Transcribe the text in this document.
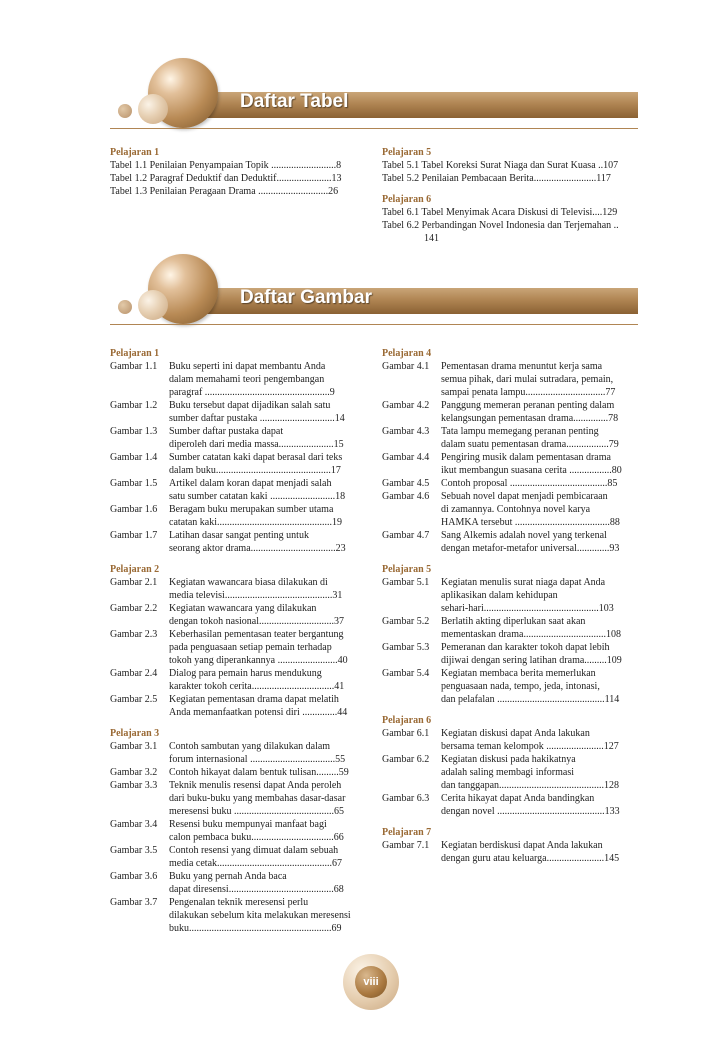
Daftar Tabel
Pelajaran 1
Tabel 1.1 Penilaian Penyampaian Topik ..........................8
Tabel 1.2 Paragraf Deduktif dan Deduktif......................13
Tabel 1.3 Penilaian Peragaan Drama ............................26
Pelajaran 5
Tabel 5.1 Tabel Koreksi Surat Niaga dan Surat Kuasa ..107
Tabel 5.2 Penilaian Pembacaan Berita.........................117
Pelajaran 6
Tabel 6.1 Tabel Menyimak Acara Diskusi di Televisi....129
Tabel 6.2 Perbandingan Novel Indonesia dan Terjemahan ..
141
Daftar Gambar
Pelajaran 1
Gambar 1.1	Buku seperti ini dapat membantu Anda
dalam memahami teori pengembangan
paragraf ..................................................9
Gambar 1.2	Buku tersebut dapat dijadikan salah satu
sumber daftar pustaka ..............................14
Gambar 1.3	Sumber daftar pustaka dapat
diperoleh dari media massa......................15
Gambar 1.4	Sumber catatan kaki dapat berasal dari teks
dalam buku..............................................17
Gambar 1.5	Artikel dalam koran dapat menjadi salah
satu sumber catatan kaki ..........................18
Gambar 1.6	Beragam buku merupakan sumber utama
catatan kaki..............................................19
Gambar 1.7	Latihan dasar sangat penting untuk
seorang aktor drama..................................23
Pelajaran 2
Gambar 2.1	Kegiatan wawancara biasa dilakukan di
media televisi...........................................31
Gambar 2.2	Kegiatan wawancara yang dilakukan
dengan tokoh nasional..............................37
Gambar 2.3	Keberhasilan pementasan teater bergantung
pada penguasaan setiap pemain terhadap
tokoh yang diperankannya ........................40
Gambar 2.4	Dialog para pemain harus mendukung
karakter tokoh cerita.................................41
Gambar 2.5	Kegiatan pementasan drama dapat melatih
Anda memanfaatkan potensi diri ..............44
Pelajaran 3
Gambar 3.1	Contoh sambutan yang dilakukan dalam
forum internasional ..................................55
Gambar 3.2	Contoh hikayat dalam bentuk tulisan.........59
Gambar 3.3	Teknik menulis resensi dapat Anda peroleh
dari buku-buku yang membahas dasar-dasar
meresensi buku ........................................65
Gambar 3.4	Resensi buku mempunyai manfaat bagi
calon pembaca buku.................................66
Gambar 3.5	Contoh resensi yang dimuat dalam sebuah
media cetak..............................................67
Gambar 3.6	Buku yang pernah Anda baca
dapat diresensi..........................................68
Gambar 3.7	Pengenalan teknik meresensi perlu
dilakukan sebelum kita melakukan meresensi
buku.........................................................69
Pelajaran 4
Gambar 4.1	Pementasan drama menuntut kerja sama
semua pihak, dari mulai sutradara, pemain,
sampai penata lampu................................77
Gambar 4.2	Panggung memeran peranan penting dalam
kelangsungan pementasan drama..............78
Gambar 4.3	Tata lampu memegang peranan penting
dalam suatu pementasan drama.................79
Gambar 4.4	Pengiring musik dalam pementasan drama
ikut membangun suasana cerita .................80
Gambar 4.5	Contoh proposal .......................................85
Gambar 4.6	Sebuah novel dapat menjadi pembicaraan
di zamannya. Contohnya novel karya
HAMKA tersebut ......................................88
Gambar 4.7	Sang Alkemis adalah novel yang terkenal
dengan metafor-metafor universal.............93
Pelajaran 5
Gambar 5.1	Kegiatan menulis surat niaga dapat Anda
aplikasikan dalam kehidupan
sehari-hari..............................................103
Gambar 5.2	Berlatih akting diperlukan saat akan
mementaskan drama.................................108
Gambar 5.3	Pemeranan dan karakter tokoh dapat lebih
dijiwai dengan sering latihan drama.........109
Gambar 5.4	Kegiatan membaca berita memerlukan
penguasaan nada, tempo, jeda, intonasi,
dan pelafalan ...........................................114
Pelajaran 6
Gambar 6.1	Kegiatan diskusi dapat Anda lakukan
bersama teman kelompok .......................127
Gambar 6.2	Kegiatan diskusi pada hakikatnya
adalah saling membagi informasi
dan tanggapan..........................................128
Gambar 6.3	Cerita hikayat dapat Anda bandingkan
dengan novel ...........................................133
Pelajaran 7
Gambar 7.1	Kegiatan berdiskusi dapat Anda lakukan
dengan guru atau keluarga.......................145
viii
